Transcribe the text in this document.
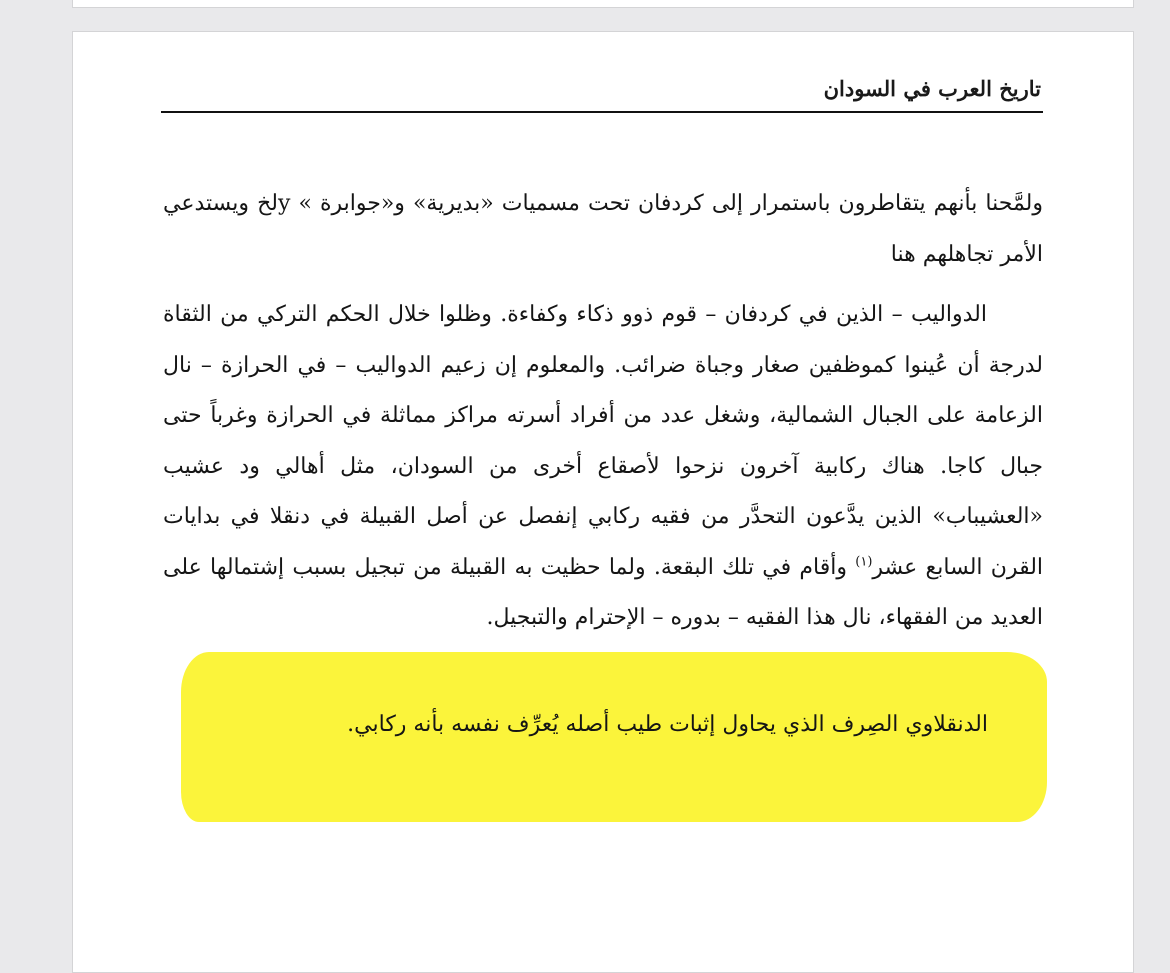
تاريخ العرب في السودان
ولمَّحنا بأنهم يتقاطرون باستمرار إلى كردفان تحت مسميات «بديرية» و«جوابرة » yلخ ويستدعي الأمر تجاهلهم هنا
الدواليب – الذين في كردفان – قوم ذوو ذكاء وكفاءة. وظلوا خلال الحكم التركي من الثقاة لدرجة أن عُينوا كموظفين صغار وجباة ضرائب. والمعلوم إن زعيم الدواليب – في الحرازة – نال الزعامة على الجبال الشمالية، وشغل عدد من أفراد أسرته مراكز مماثلة في الحرازة وغرباً حتى جبال كاجا. هناك ركابية آخرون نزحوا لأصقاع أخرى من السودان، مثل أهالي ود عشيب «العشيباب» الذين يدَّعون التحدَّر من فقيه ركابي إنفصل عن أصل القبيلة في دنقلا في بدايات القرن السابع عشر$^{(١)}$ وأقام في تلك البقعة. ولما حظيت به القبيلة من تبجيل بسبب إشتمالها على العديد من الفقهاء، نال هذا الفقيه – بدوره – الإحترام والتبجيل.
الدنقلاوي الصِرف الذي يحاول إثبات طيب أصله يُعرِّف نفسه بأنه ركابي.
